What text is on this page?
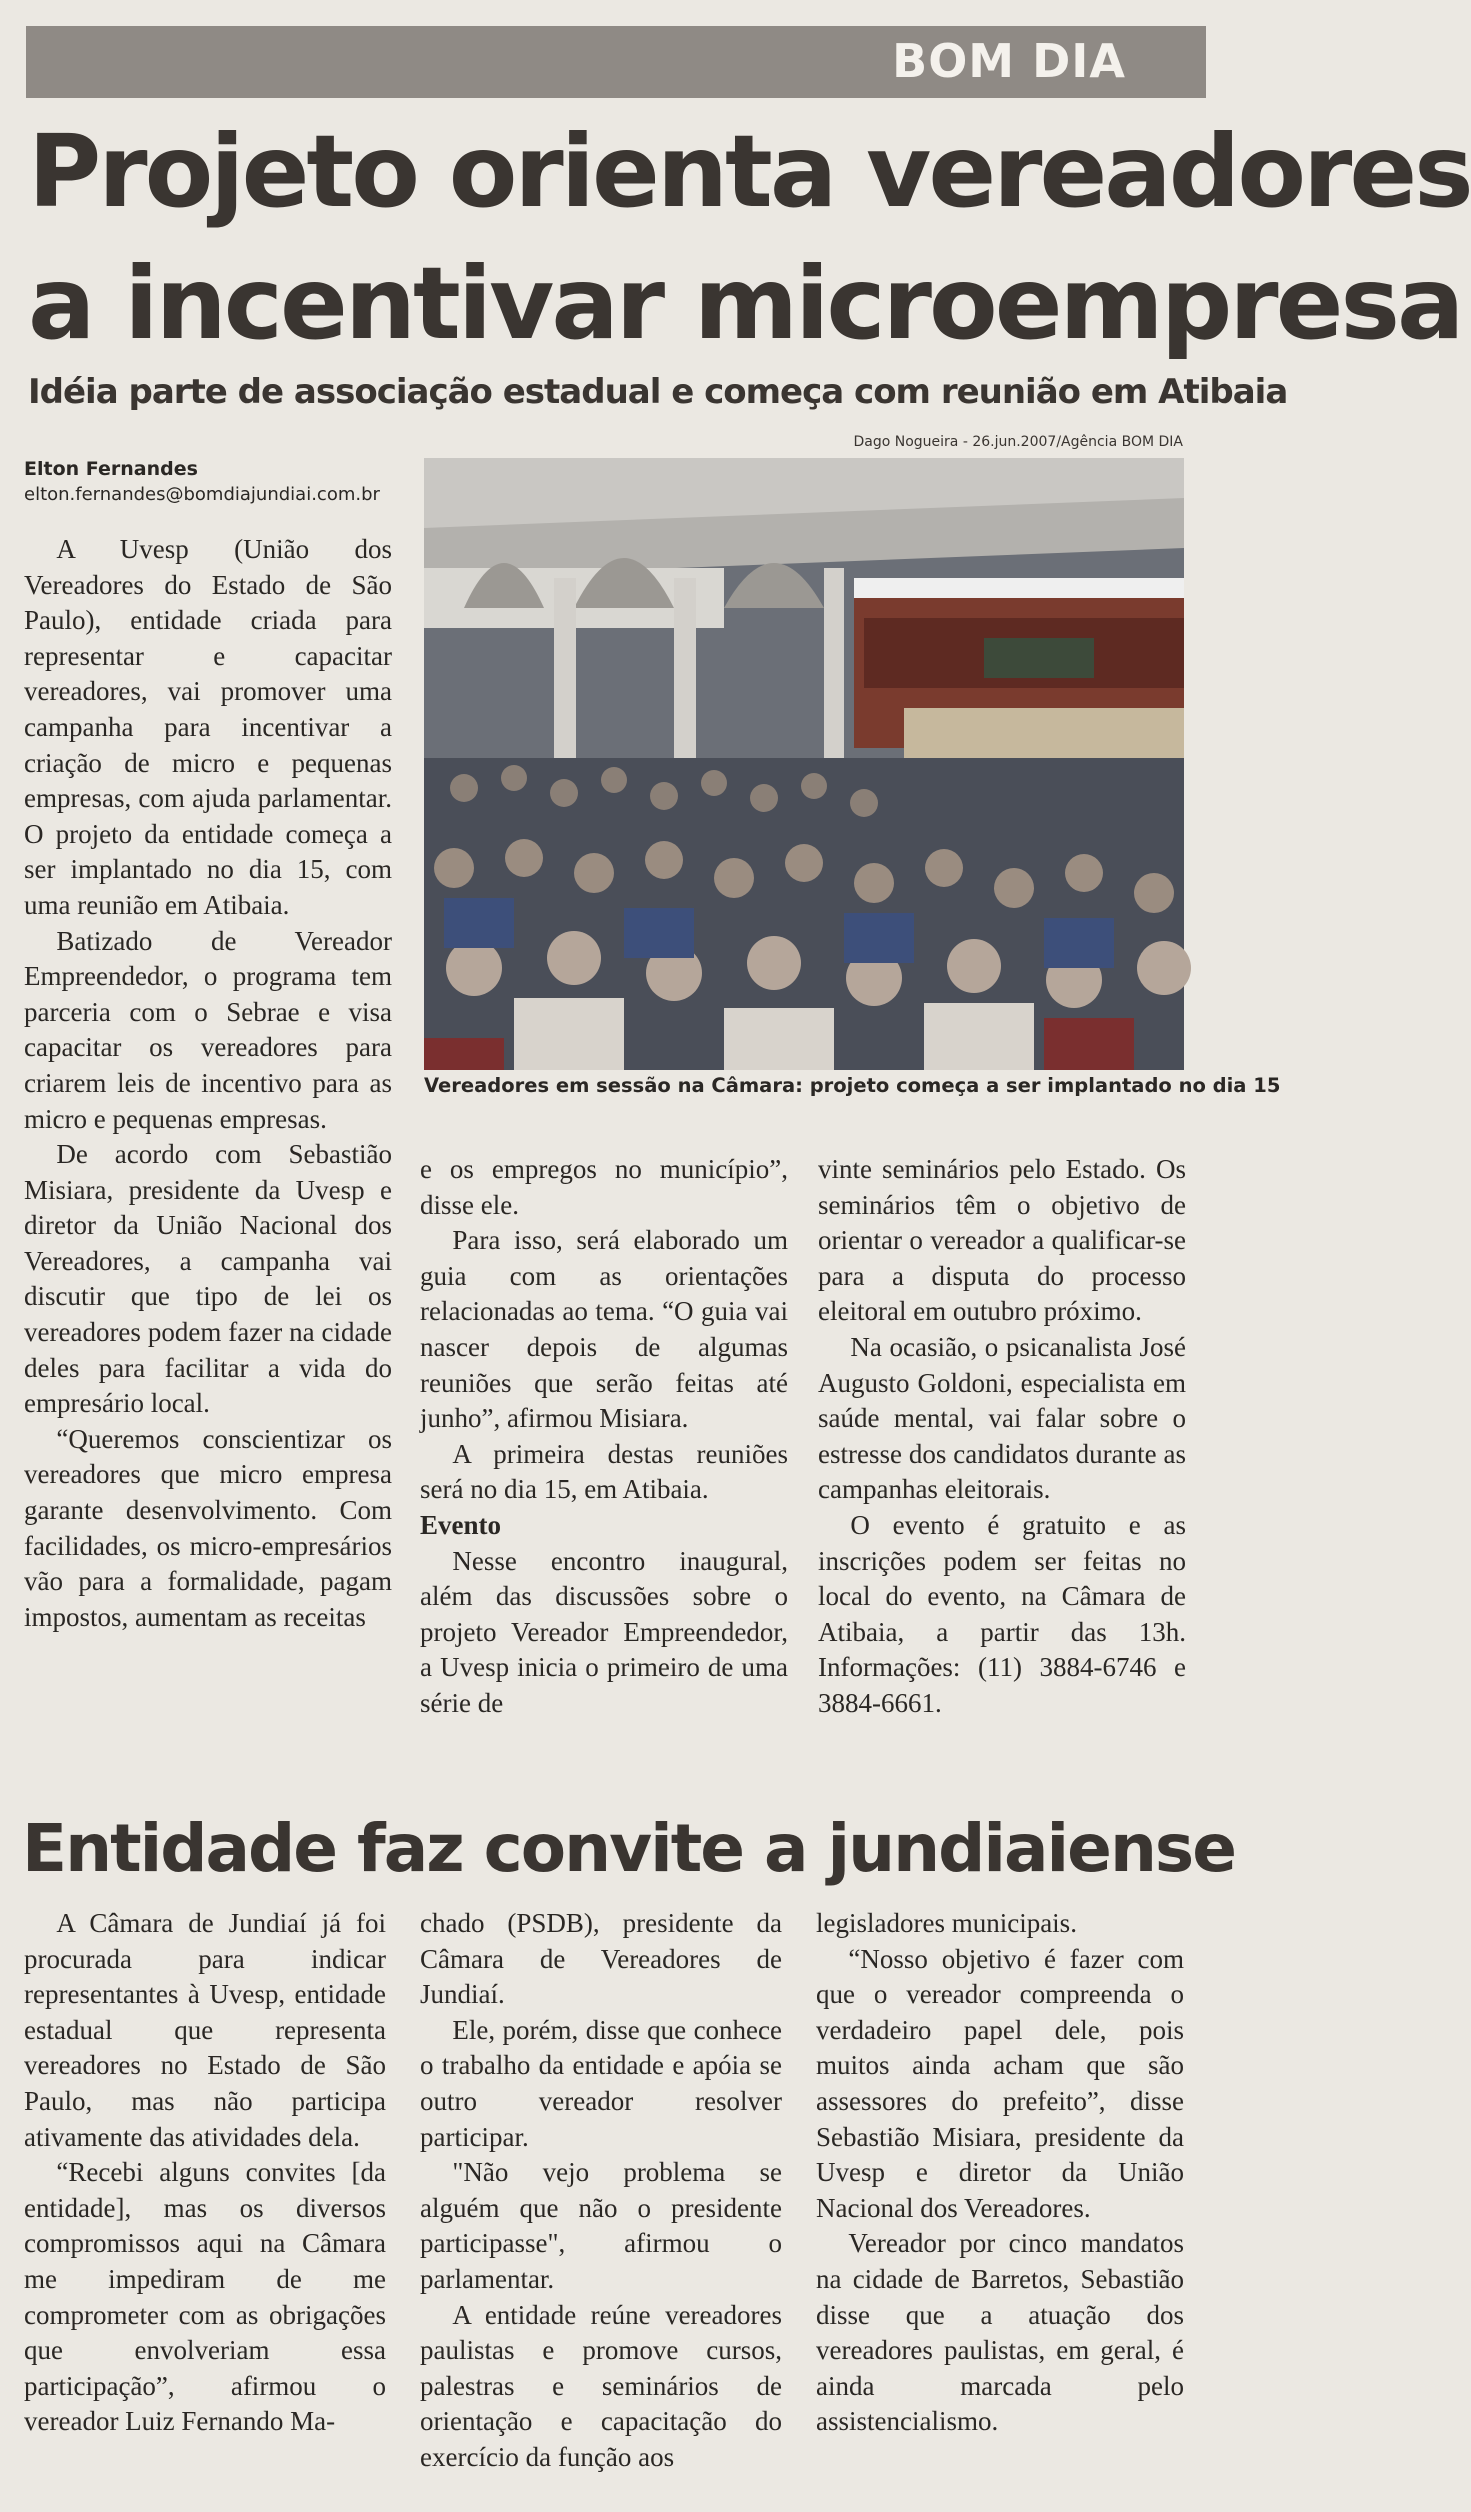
BOM DIA
Projeto orienta vereadores
a incentivar microempresa
Idéia parte de associação estadual e começa com reunião em Atibaia
Dago Nogueira - 26.jun.2007/Agência BOM DIA
Elton Fernandes
elton.fernandes@bomdiajundiai.com.br
Vereadores em sessão na Câmara: projeto começa a ser implantado no dia 15

A Uvesp (União dos Vereadores do Estado de São Paulo), entidade criada para representar e capacitar vereadores, vai promover uma campanha para incentivar a criação de micro e pequenas empresas, com ajuda parlamentar. O projeto da entidade começa a ser implantado no dia 15, com uma reunião em Atibaia.

Batizado de Vereador Empreendedor, o programa tem parceria com o Sebrae e visa capacitar os vereadores para criarem leis de incentivo para as micro e pequenas empresas.

De acordo com Sebastião Misiara, presidente da Uvesp e diretor da União Nacional dos Vereadores, a campanha vai discutir que tipo de lei os vereadores podem fazer na cidade deles para facilitar a vida do empresário local.

“Queremos conscientizar os vereadores que micro empresa garante desenvolvimento. Com facilidades, os micro-empresários vão para a formalidade, pagam impostos, aumentam as receitas

e os empregos no município”, disse ele.

Para isso, será elaborado um guia com as orientações relacionadas ao tema. “O guia vai nascer depois de algumas reuniões que serão feitas até junho”, afirmou Misiara.

A primeira destas reuniões será no dia 15, em Atibaia.

Evento

Nesse encontro inaugural, além das discussões sobre o projeto Vereador Empreendedor, a Uvesp inicia o primeiro de uma série de

vinte seminários pelo Estado. Os seminários têm o objetivo de orientar o vereador a qualificar-se para a disputa do processo eleitoral em outubro próximo.

Na ocasião, o psicanalista José Augusto Goldoni, especialista em saúde mental, vai falar sobre o estresse dos candidatos durante as campanhas eleitorais.

O evento é gratuito e as inscrições podem ser feitas no local do evento, na Câmara de Atibaia, a partir das 13h. Informações: (11) 3884-6746 e 3884-6661.

Entidade faz convite a jundiaiense

A Câmara de Jundiaí já foi procurada para indicar representantes à Uvesp, entidade estadual que representa vereadores no Estado de São Paulo, mas não participa ativamente das atividades dela.

“Recebi alguns convites [da entidade], mas os diversos compromissos aqui na Câmara me impediram de me comprometer com as obrigações que envolveriam essa participação”, afirmou o vereador Luiz Fernando Ma-

chado (PSDB), presidente da Câmara de Vereadores de Jundiaí.

Ele, porém, disse que conhece o trabalho da entidade e apóia se outro vereador resolver participar.

"Não vejo problema se alguém que não o presidente participasse", afirmou o parlamentar.

A entidade reúne vereadores paulistas e promove cursos, palestras e seminários de orientação e capacitação do exercício da função aos

legisladores municipais.

“Nosso objetivo é fazer com que o vereador compreenda o verdadeiro papel dele, pois muitos ainda acham que são assessores do prefeito”, disse Sebastião Misiara, presidente da Uvesp e diretor da União Nacional dos Vereadores.

Vereador por cinco mandatos na cidade de Barretos, Sebastião disse que a atuação dos vereadores paulistas, em geral, é ainda marcada pelo assistencialismo.
